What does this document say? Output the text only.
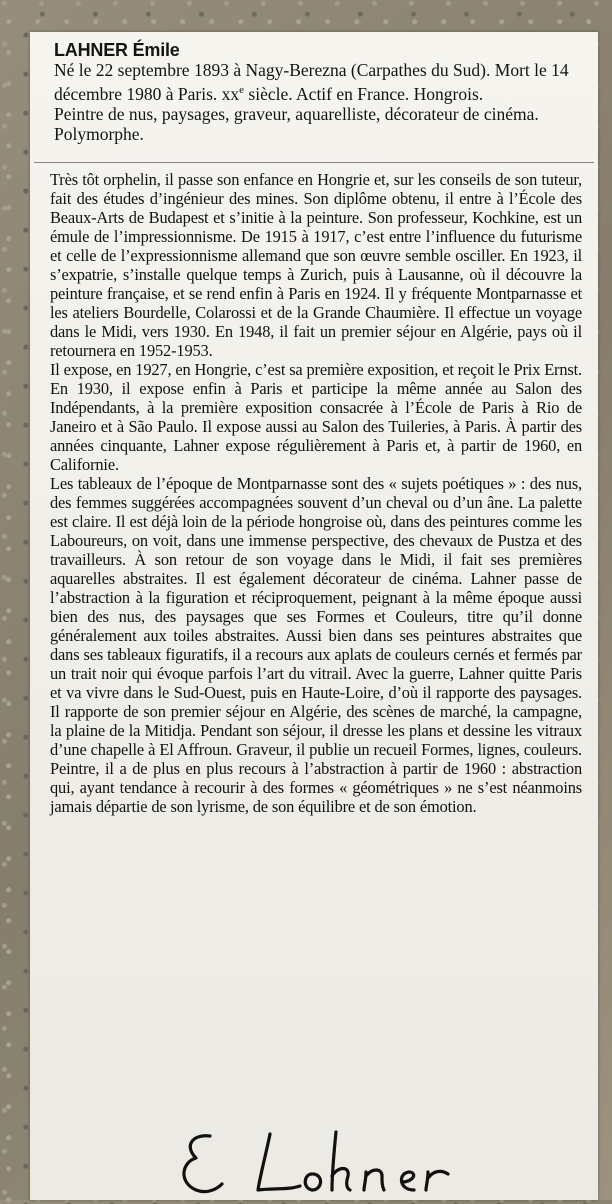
LAHNER Émile

Né le 22 septembre 1893 à Nagy-Berezna (Carpathes du Sud). Mort le 14 décembre 1980 à Paris. $xx^e$ siècle. Actif en France. Hongrois.

Peintre de nus, paysages, graveur, aquarelliste, décorateur de cinéma. Polymorphe.

Très tôt orphelin, il passe son enfance en Hongrie et, sur les conseils de son tuteur, fait des études d’ingénieur des mines. Son diplôme obtenu, il entre à l’École des Beaux-Arts de Budapest et s’initie à la peinture. Son professeur, Kochkine, est un émule de l’impressionnisme. De 1915 à 1917, c’est entre l’influence du futurisme et celle de l’expressionnisme allemand que son œuvre semble osciller. En 1923, il s’expatrie, s’installe quelque temps à Zurich, puis à Lausanne, où il découvre la peinture française, et se rend enfin à Paris en 1924. Il y fréquente Montparnasse et les ateliers Bourdelle, Colarossi et de la Grande Chaumière. Il effectue un voyage dans le Midi, vers 1930. En 1948, il fait un premier séjour en Algérie, pays où il retournera en 1952-1953.

Il expose, en 1927, en Hongrie, c’est sa première exposition, et reçoit le Prix Ernst. En 1930, il expose enfin à Paris et participe la même année au Salon des Indépendants, à la première exposition consacrée à l’École de Paris à Rio de Janeiro et à São Paulo. Il expose aussi au Salon des Tuileries, à Paris. À partir des années cinquante, Lahner expose régulièrement à Paris et, à partir de 1960, en Californie.

Les tableaux de l’époque de Montparnasse sont des « sujets poétiques » : des nus, des femmes suggérées accompagnées souvent d’un cheval ou d’un âne. La palette est claire. Il est déjà loin de la période hongroise où, dans des peintures comme les Laboureurs, on voit, dans une immense perspective, des chevaux de Pustza et des travailleurs. À son retour de son voyage dans le Midi, il fait ses premières aquarelles abstraites. Il est également décorateur de cinéma. Lahner passe de l’abstraction à la figuration et réciproquement, peignant à la même époque aussi bien des nus, des paysages que ses Formes et Couleurs, titre qu’il donne généralement aux toiles abstraites. Aussi bien dans ses peintures abstraites que dans ses tableaux figuratifs, il a recours aux aplats de couleurs cernés et fermés par un trait noir qui évoque parfois l’art du vitrail. Avec la guerre, Lahner quitte Paris et va vivre dans le Sud-Ouest, puis en Haute-Loire, d’où il rapporte des paysages. Il rapporte de son premier séjour en Algérie, des scènes de marché, la campagne, la plaine de la Mitidja. Pendant son séjour, il dresse les plans et dessine les vitraux d’une chapelle à El Affroun. Graveur, il publie un recueil Formes, lignes, couleurs. Peintre, il a de plus en plus recours à l’abstraction à partir de 1960 : abstraction qui, ayant tendance à recourir à des formes « géométriques » ne s’est néanmoins jamais départie de son lyrisme, de son équilibre et de son émotion.

E Lahner
